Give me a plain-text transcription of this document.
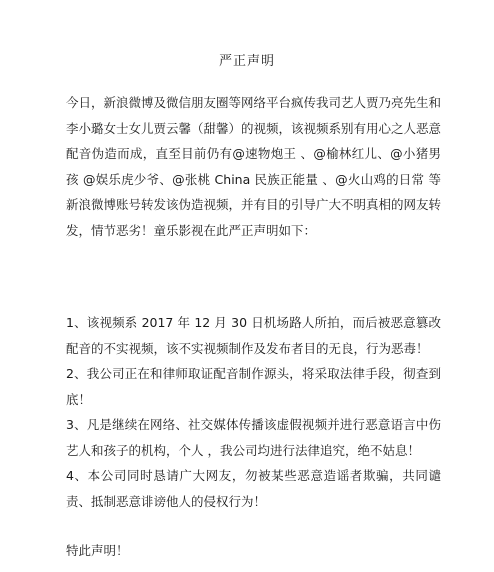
严正声明

今日，新浪微博及微信朋友圈等网络平台疯传我司艺人贾乃亮先生和李小璐女士女儿贾云馨（甜馨）的视频，该视频系别有用心之人恶意配音伪造而成，直至目前仍有@速物炮王 、@榆林红儿、@小猪男孩 @娱乐虎少爷、@张桃 China 民族正能量 、@火山鸡的日常 等新浪微博账号转发该伪造视频，并有目的引导广大不明真相的网友转发，情节恶劣！童乐影视在此严正声明如下：

1、该视频系 2017 年 12 月 30 日机场路人所拍，而后被恶意篡改配音的不实视频，该不实视频制作及发布者目的无良，行为恶毒！

2、我公司正在和律师取证配音制作源头，将采取法律手段，彻查到底！

3、凡是继续在网络、社交媒体传播该虚假视频并进行恶意语言中伤艺人和孩子的机构，个人 ，我公司均进行法律追究，绝不姑息！

4、本公司同时恳请广大网友，勿被某些恶意造谣者欺骗，共同谴责、抵制恶意诽谤他人的侵权行为！

特此声明！
